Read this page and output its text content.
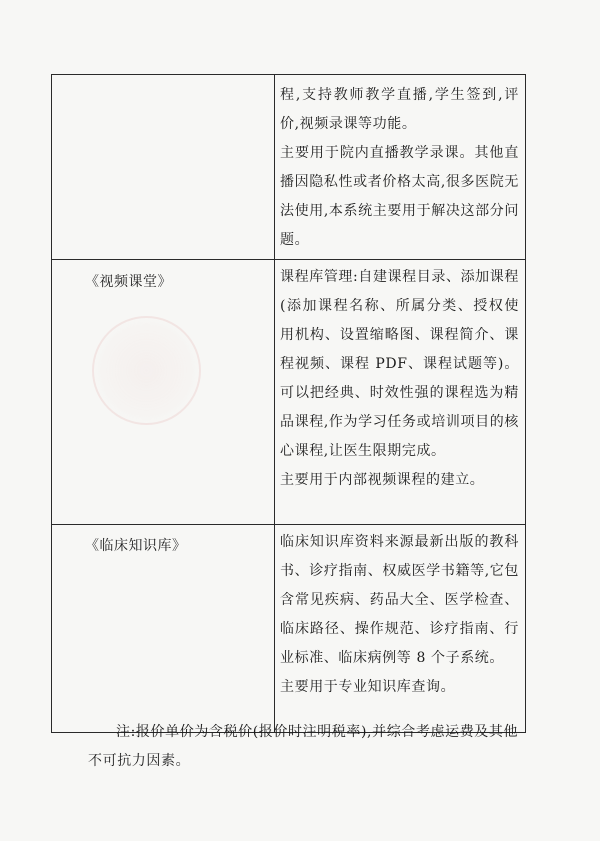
	程,支持教师教学直播,学生签到,评价,视频录课等功能。

主要用于院内直播教学录课。其他直播因隐私性或者价格太高,很多医院无法使用,本系统主要用于解决这部分问题。

《视频课堂》	课程库管理:自建课程目录、添加课程(添加课程名称、所属分类、授权使用机构、设置缩略图、课程简介、课程视频、课程 PDF、课程试题等)。可以把经典、时效性强的课程选为精品课程,作为学习任务或培训项目的核心课程,让医生限期完成。

主要用于内部视频课程的建立。

《临床知识库》	临床知识库资料来源最新出版的教科书、诊疗指南、权威医学书籍等,它包含常见疾病、药品大全、医学检查、临床路径、操作规范、诊疗指南、行业标准、临床病例等 8 个子系统。

主要用于专业知识库查询。

注:报价单价为含税价(报价时注明税率),并综合考虑运费及其他不可抗力因素。
